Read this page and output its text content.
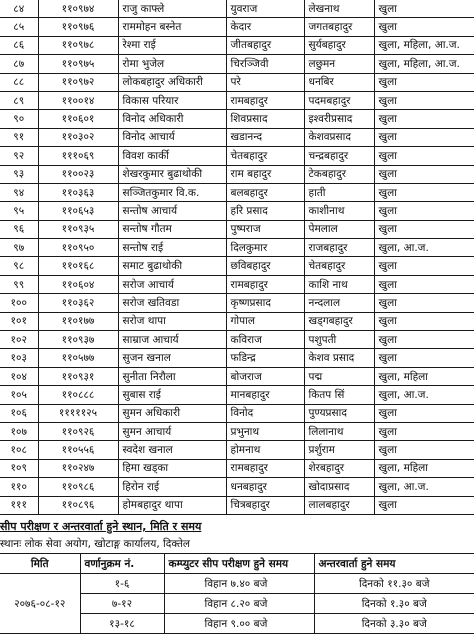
८४	११०९७४	राजु काफ्ले	युवराज	लेखनाथ	खुला
८५	११०९७६	राममोहन बस्नेत	केदार	जगतबहादुर	खुला
८६	११०९७८	रेश्मा राई	जीतबहादुर	सुर्यबहादुर	खुला, महिला, आ.ज.
८७	११०९७५	रोमा भुजेल	चिरञ्जिवी	लछुमन	खुला, महिला, आ.ज.
८८	११०९७२	लोकबहादुर अधिकारी	परे	धनबिर	खुला
८९	११००१४	विकास परियार	रामबहादुर	पदमबहादुर	खुला
९०	११०६०१	विनोद अधिकारी	शिवप्रसाद	इश्वरीप्रसाद	खुला
९१	११०३०२	विनोद आचार्य	खडानन्द	केशवप्रसाद	खुला
९२	१११०६९	विवश कार्की	चेतबहादुर	चन्द्रबहादुर	खुला
९३	११००२३	शेखरकुमार बुढाथोकी	राम बहादुर	टेकबहादुर	खुला
९४	११०३६३	सञ्जितकुमार वि.क.	बलबहादुर	हाती	खुला
९५	११०६५३	सन्तोष आचार्य	हरि प्रसाद	काशीनाथ	खुला
९६	११०९३५	सन्तोष गौतम	पुष्पराज	पेमलाल	खुला
९७	११०९५०	सन्तोष राई	दिलकुमार	राजबहादुर	खुला, आ.ज.
९८	११०१६८	समाट बुढाथोकी	छविबहादुर	चेतबहादुर	खुला
९९	११०६०४	सरोज आचार्य	रामबहादुर	काशि नाथ	खुला
१००	११०३६२	सरोज खतिवडा	कृष्णप्रसाद	नन्दलाल	खुला
१०१	११०१७७	सरोज थापा	गोपाल	खड्गबहादुर	खुला
१०२	११०९३७	साम्राज आचार्य	कविराज	पशुपती	खुला
१०३	११०५७७	सुजन खनाल	फडिन्द्र	केशव प्रसाद	खुला
१०४	११०९३१	सुनीता निरौला	बोजराज	पद्म	खुला, महिला
१०५	११०८८८	सुबास राई	मानबहादुर	कितप सिं	खुला, आ.ज.
१०६	१११११२५	सुमन अधिकारी	विनोद	पुण्यप्रसाद	खुला
१०७	११०९२६	सुमन आचार्य	प्रभुनाथ	लिलानाथ	खुला
१०८	११०५५६	स्वदेश खनाल	होमनाथ	प्रर्शुराम	खुला
१०९	११०२४७	हिमा खड्का	रामबहादुर	शेरबहादुर	खुला, महिला
११०	११०९८६	हिरोन राई	धनबहादुर	खोदाप्रसाद	खुला, आ.ज.
१११	११०८९६	होमबहादुर थापा	चित्रबहादुर	लालबहादुर	खुला
सीप परीक्षण र अन्तरवार्ता हुने स्थान, मिति र समय
स्थानः लोक सेवा अयोग, खोटाङ्ग कार्यालय, दिक्तेल
मिति	वर्णानुक्रम नं.	कम्प्युटर सीप परीक्षण हुने समय	अन्तरवार्ता हुने समय
२०७६-०८-१२	१-६	विहान ७.४० बजे	दिनको ११.३० बजे
	७-१२	विहान ८.२० बजे	दिनको १.३० बजे
	१३-१८	विहान ९.०० बजे	दिनको ३.३० बजे
